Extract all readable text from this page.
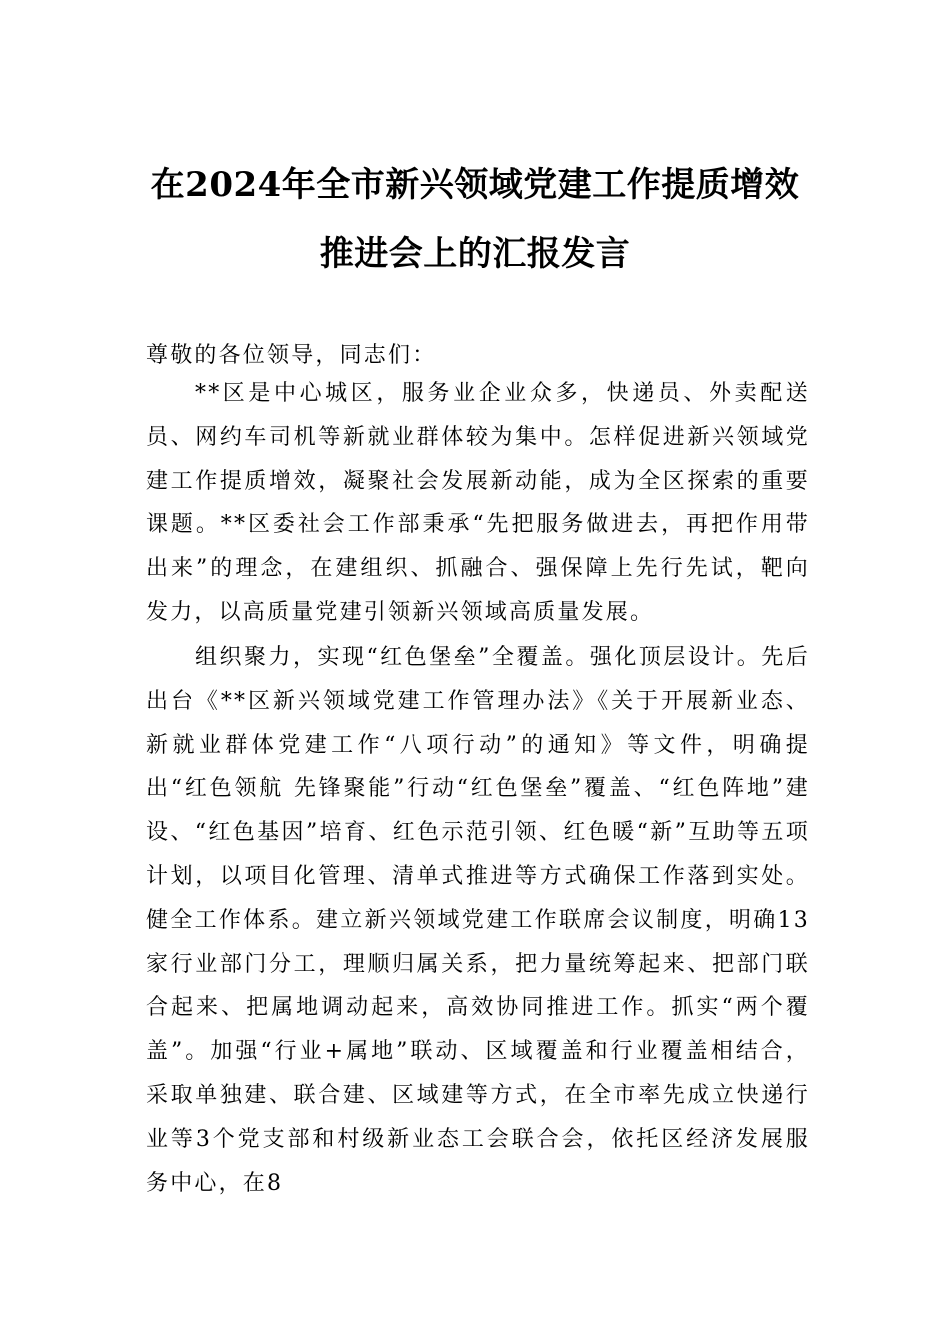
在2024年全市新兴领域党建工作提质增效
推进会上的汇报发言
尊敬的各位领导，同志们：
**区是中心城区，服务业企业众多，快递员、外卖配送员、网约车司机等新就业群体较为集中。怎样促进新兴领域党建工作提质增效，凝聚社会发展新动能，成为全区探索的重要课题。**区委社会工作部秉承“先把服务做进去，再把作用带出来”的理念，在建组织、抓融合、强保障上先行先试，靶向发力，以高质量党建引领新兴领域高质量发展。
组织聚力，实现“红色堡垒”全覆盖。强化顶层设计。先后出台《**区新兴领域党建工作管理办法》《关于开展新业态、新就业群体党建工作“八项行动”的通知》等文件，明确提出“红色领航 先锋聚能”行动“红色堡垒”覆盖、“红色阵地”建设、“红色基因”培育、红色示范引领、红色暖“新”互助等五项计划，以项目化管理、清单式推进等方式确保工作落到实处。健全工作体系。建立新兴领域党建工作联席会议制度，明确13家行业部门分工，理顺归属关系，把力量统筹起来、把部门联合起来、把属地调动起来，高效协同推进工作。抓实“两个覆盖”。加强“行业+属地”联动、区域覆盖和行业覆盖相结合，采取单独建、联合建、区域建等方式，在全市率先成立快递行业等3个党支部和村级新业态工会联合会，依托区经济发展服务中心，在8
